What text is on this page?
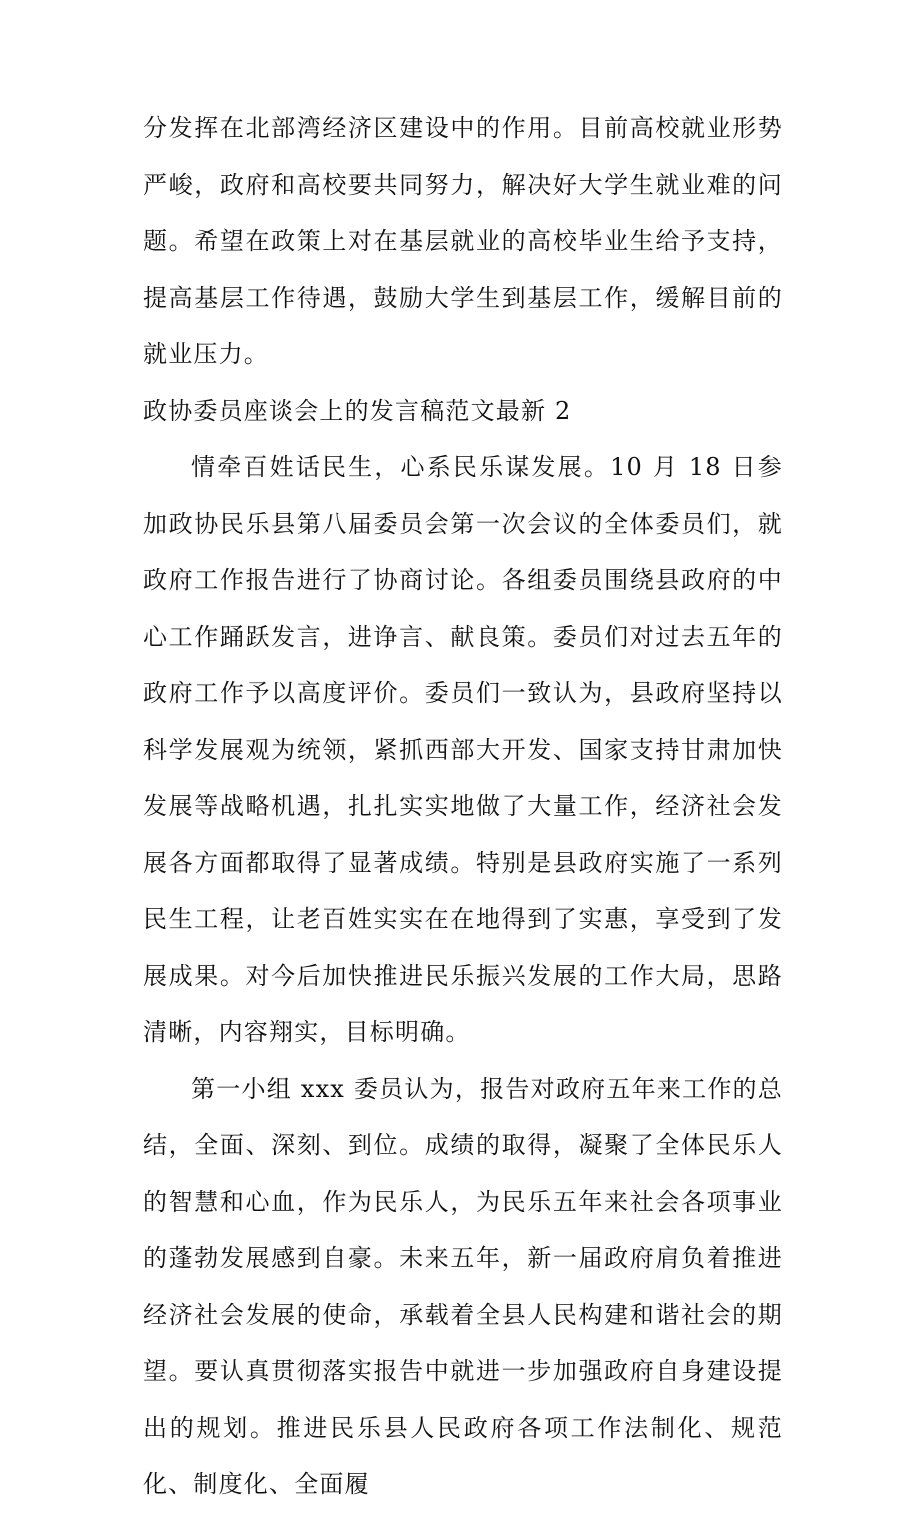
分发挥在北部湾经济区建设中的作用。目前高校就业形势严峻，政府和高校要共同努力，解决好大学生就业难的问题。希望在政策上对在基层就业的高校毕业生给予支持，提高基层工作待遇，鼓励大学生到基层工作，缓解目前的就业压力。

政协委员座谈会上的发言稿范文最新 2

情牵百姓话民生，心系民乐谋发展。10 月 18 日参加政协民乐县第八届委员会第一次会议的全体委员们，就政府工作报告进行了协商讨论。各组委员围绕县政府的中心工作踊跃发言，进诤言、献良策。委员们对过去五年的政府工作予以高度评价。委员们一致认为，县政府坚持以科学发展观为统领，紧抓西部大开发、国家支持甘肃加快发展等战略机遇，扎扎实实地做了大量工作，经济社会发展各方面都取得了显著成绩。特别是县政府实施了一系列民生工程，让老百姓实实在在地得到了实惠，享受到了发展成果。对今后加快推进民乐振兴发展的工作大局，思路清晰，内容翔实，目标明确。

第一小组 xxx 委员认为，报告对政府五年来工作的总结，全面、深刻、到位。成绩的取得，凝聚了全体民乐人的智慧和心血，作为民乐人，为民乐五年来社会各项事业的蓬勃发展感到自豪。未来五年，新一届政府肩负着推进经济社会发展的使命，承载着全县人民构建和谐社会的期望。要认真贯彻落实报告中就进一步加强政府自身建设提出的规划。推进民乐县人民政府各项工作法制化、规范化、制度化、全面履
